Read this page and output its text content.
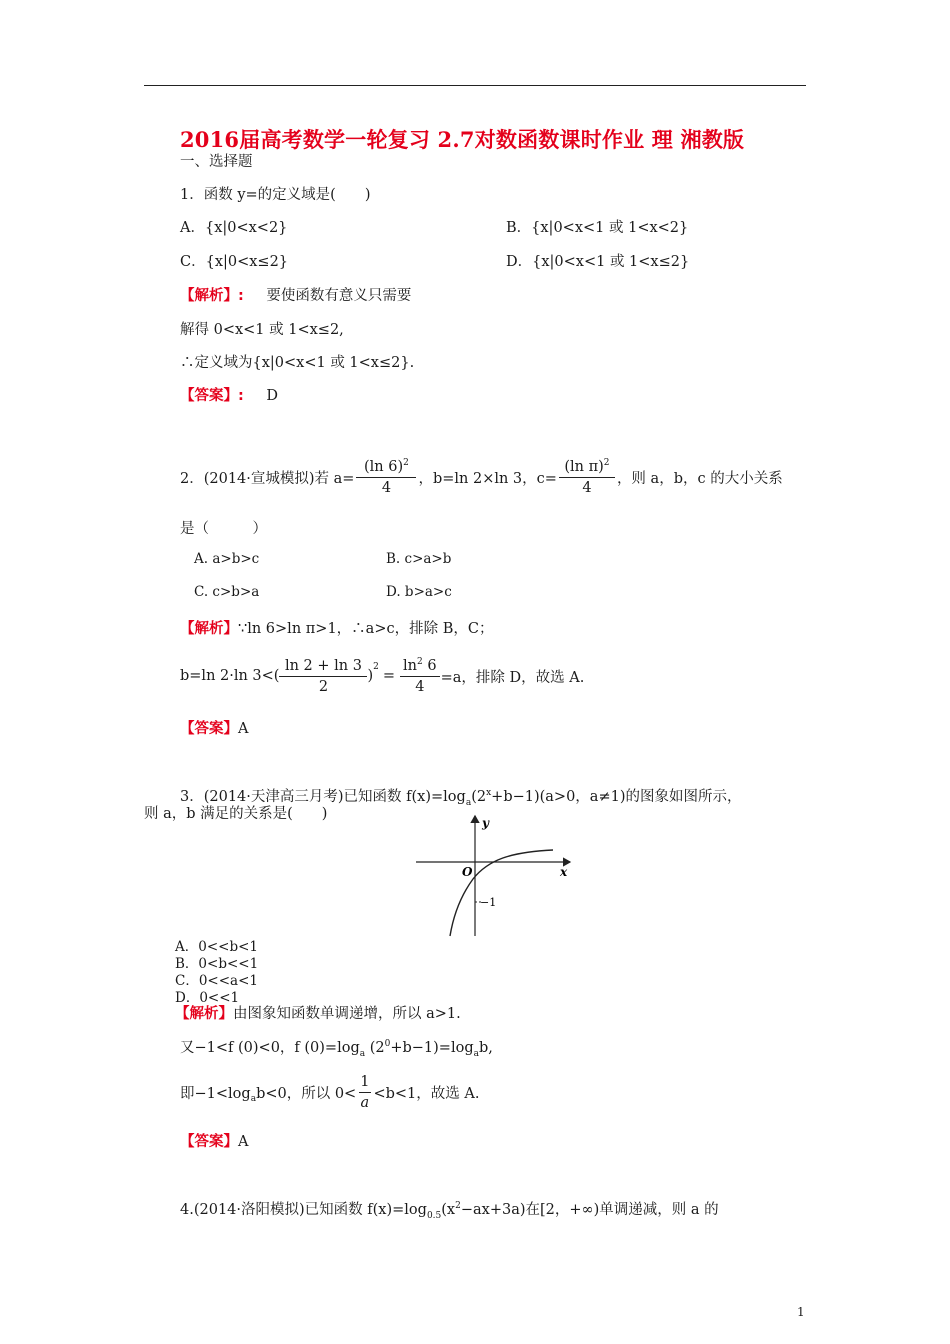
2016届高考数学一轮复习 2.7对数函数课时作业 理 湘教版
一、选择题
1．函数 y=的定义域是(　　)
A．{x|0<x<2}	B．{x|0<x<1 或 1<x<2}
C．{x|0<x≤2}	D．{x|0<x<1 或 1<x≤2}
【解析】: 要使函数有意义只需要
解得 0<x<1 或 1<x≤2,
∴定义域为{x|0<x<1 或 1<x≤2}.
【答案】: D
2．(2014·宣城模拟)若 $a= \frac{(\ln 6)^2}{4}$ ，b=ln 2×ln 3，$c= \frac{(\ln \pi)^2}{4}$ ，则 a，b，c 的大小关系
是（　　　）
A. a>b>c	B. c>a>b
C. c>b>a	D. b>a>c
【解析】∵ln 6>ln π>1，∴a>c，排除 B，C；
b=ln 2·ln $3<( \frac{\ln 2 + \ln 3}{2}$ )
$^2$
= $\frac{\ln^2 6}{4} =a$，排除 D，故选 A.
【答案】A
3．(2014·天津高三月考)已知函数 $f(x)=\log_a(2^x+b-1)(a>0$，a≠1)的图象如图所示，
则 a，b 满足的关系是(　　)
y
x
O
−1
A．0<<b<1
B．0<b<<1
C．0<<a<1
D．0<<1
【解析】由图象知函数单调递增，所以 a>1.
又−1<f (0)<0，f $(0)=\log_a$ $(2^0+b-1)=\log_ab$,
即$-1<\log_a$ b<0，所以 $0< \frac{1}{a} <b<1$，故选 A.
【答案】A
4.(2014·洛阳模拟)已知函数 $f(x)=\log_{0.5}(x^2-ax+3a)$在[2，+∞)单调递减，则 a 的
1
